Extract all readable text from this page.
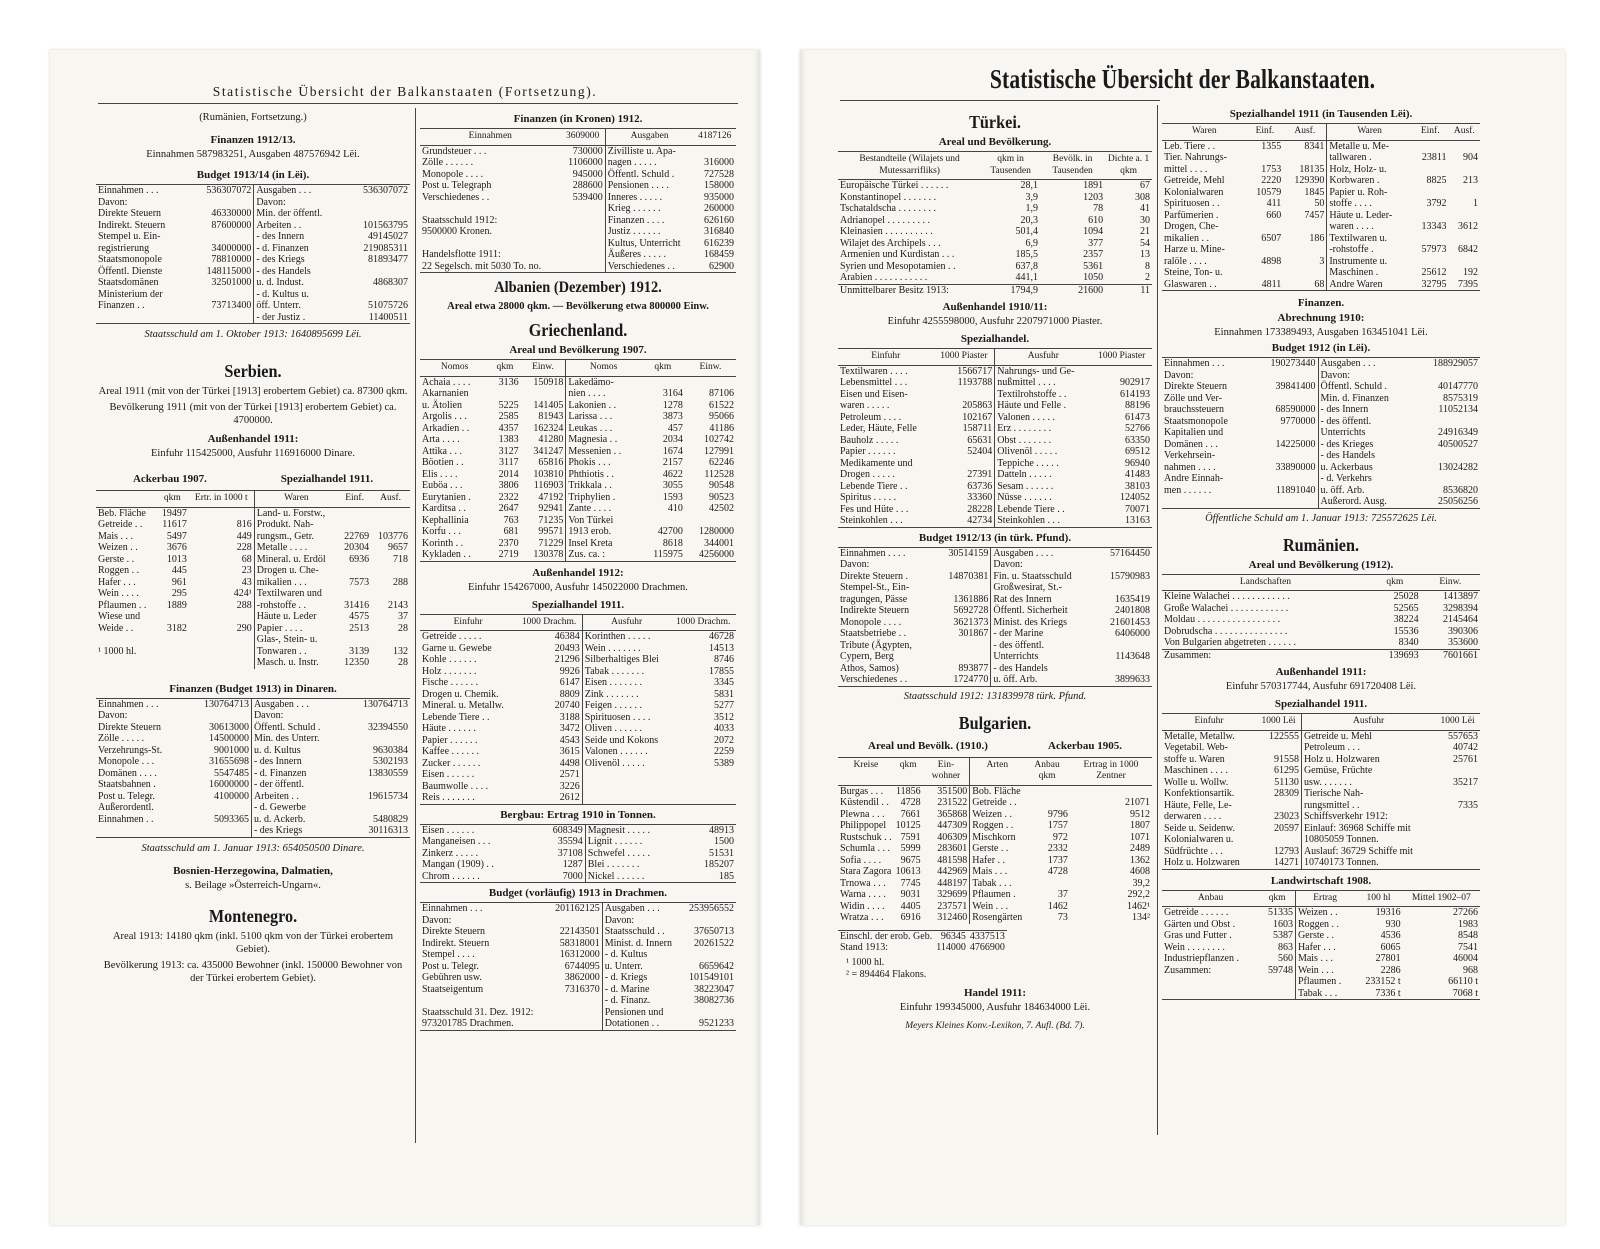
Statistische Übersicht der Balkanstaaten (Fortsetzung).
(Rumänien, Fortsetzung.)
Finanzen 1912/13.
Einnahmen 587983251, Ausgaben 487576942 Lëi.
Budget 1913/14 (in Lëi).
Einnahmen . . .	536307072	Ausgaben . . .	536307072
Davon:		Davon:	
Direkte Steuern	46330000	Min. der öffentl.	
Indirekt. Steuern	87600000	Arbeiten . .	101563795
Stempel u. Ein-		- des Innern	49145027
registrierung	34000000	- d. Finanzen	219085311
Staatsmonopole	78810000	- des Kriegs	81893477
Öffentl. Dienste	148115000	- des Handels	
Staatsdomänen	32501000	u. d. Indust.	4868307
Ministerium der		- d. Kultus u.	
Finanzen . .	73713400	öff. Unterr.	51075726
		- der Justiz .	11400511
Staatsschuld am 1. Oktober 1913: 1640895699 Lëi.
Serbien.
Areal 1911 (mit von der Türkei [1913] erobertem Gebiet) ca. 87300 qkm.
Bevölkerung 1911 (mit von der Türkei [1913] erobertem Gebiet) ca. 4700000.
Außenhandel 1911:
Einfuhr 115425000, Ausfuhr 116916000 Dinare.
Ackerbau 1907.	Spezialhandel 1911.
	qkm	Ertr. in 1000 t	Waren	Einf.	Ausf.
Beb. Fläche	19497		Land- u. Forstw.,		
Getreide . .	11617	816	Produkt. Nah-		
Mais . . .	5497	449	rungsm., Getr.	22769	103776
Weizen . .	3676	228	Metalle . . . .	20304	9657
Gerste . .	1013	68	Mineral. u. Erdöl	6936	718
Roggen . .	445	23	Drogen u. Che-		
Hafer . . .	961	43	mikalien . . .	7573	288
Wein . . . .	295	424¹	Textilwaren und		
Pflaumen . .	1889	288	-rohstoffe . .	31416	2143
Wiese und			Häute u. Leder	4575	37
Weide . .	3182	290	Papier . . . .	2513	28
			Glas-, Stein- u.		
¹ 1000 hl.			Tonwaren . .	3139	132
			Masch. u. Instr.	12350	28
Finanzen (Budget 1913) in Dinaren.
Einnahmen . . .	130764713	Ausgaben . . .	130764713
Davon:		Davon:	
Direkte Steuern	30613000	Öffentl. Schuld .	32394550
Zölle . . . . .	14500000	Min. des Unterr.	
Verzehrungs-St.	9001000	u. d. Kultus	9630384
Monopole . . .	31655698	- des Innern	5302193
Domänen . . . .	5547485	- d. Finanzen	13830559
Staatsbahnen .	16000000	- der öffentl.	
Post u. Telegr.	4100000	Arbeiten . .	19615734
Außerordentl.		- d. Gewerbe	
Einnahmen . .	5093365	u. d. Ackerb.	5480829
		- des Kriegs	30116313
Staatsschuld am 1. Januar 1913: 654050500 Dinare.
Bosnien-Herzegowina, Dalmatien,
s. Beilage »Österreich-Ungarn«.
Montenegro.
Areal 1913: 14180 qkm (inkl. 5100 qkm von der Türkei erobertem Gebiet).
Bevölkerung 1913: ca. 435000 Bewohner (inkl. 150000 Bewohner von der Türkei erobertem Gebiet).
Finanzen (in Kronen) 1912.
Einnahmen	3609000	Ausgaben	4187126
Grundsteuer . . .	730000	Zivilliste u. Apa-	
Zölle . . . . . .	1106000	nagen . . . . .	316000
Monopole . . . .	945000	Öffentl. Schuld .	727528
Post u. Telegraph	288600	Pensionen . . . .	158000
Verschiedenes . .	539400	Inneres . . . . .	935000
		Krieg . . . . . .	260000
Staatsschuld 1912:		Finanzen . . . .	626160
9500000 Kronen.		Justiz . . . . . .	316840
		Kultus, Unterricht	616239
Handelsflotte 1911:		Äußeres . . . . .	168459
22 Segelsch. mit 5030 To. no.		Verschiedenes . .	62900
Albanien (Dezember) 1912.
Areal etwa 28000 qkm. — Bevölkerung etwa 800000 Einw.
Griechenland.
Areal und Bevölkerung 1907.
Nomos	qkm	Einw.	Nomos	qkm	Einw.
Achaia . . . .	3136	150918	Lakedämo-		
Akarnanien			nien . . . .	3164	87106
u. Ätolien	5225	141405	Lakonien . .	1278	61522
Argolis . . .	2585	81943	Larissa . . .	3873	95066
Arkadien . .	4357	162324	Leukas . . .	457	41186
Arta . . . .	1383	41280	Magnesia . .	2034	102742
Attika . . .	3127	341247	Messenien . .	1674	127991
Böotien . .	3117	65816	Phokis . . .	2157	62246
Elis . . . .	2014	103810	Phthiotis . .	4622	112528
Euböa . . .	3806	116903	Trikkala . .	3055	90548
Eurytanien .	2322	47192	Triphylien .	1593	90523
Karditsa . .	2647	92941	Zante . . . .	410	42502
Kephallinia	763	71235	Von Türkei		
Korfu . . .	681	99571	1913 erob.	42700	1280000
Korinth . .	2370	71229	Insel Kreta	8618	344001
Kykladen . .	2719	130378	Zus. ca. :	115975	4256000
Außenhandel 1912:
Einfuhr 154267000, Ausfuhr 145022000 Drachmen.
Spezialhandel 1911.
Einfuhr	1000 Drachm.	Ausfuhr	1000 Drachm.
Getreide . . . . .	46384	Korinthen . . . . .	46728
Garne u. Gewebe	20493	Wein . . . . . . .	14513
Kohle . . . . . .	21296	Silberhaltiges Blei	8746
Holz . . . . . . .	9926	Tabak . . . . . . .	17855
Fische . . . . . .	6147	Eisen . . . . . . .	3345
Drogen u. Chemik.	8809	Zink . . . . . . .	5831
Mineral. u. Metallw.	20740	Feigen . . . . . .	5277
Lebende Tiere . .	3188	Spirituosen . . . .	3512
Häute . . . . . .	3472	Oliven . . . . . .	4033
Papier . . . . . .	4543	Seide und Kokons	2072
Kaffee . . . . . .	3615	Valonen . . . . . .	2259
Zucker . . . . . .	4498	Olivenöl . . . . .	5389
Eisen . . . . . .	2571		
Baumwolle . . . .	3226		
Reis . . . . . . .	2612		
Bergbau: Ertrag 1910 in Tonnen.
Eisen . . . . . .	608349	Magnesit . . . . .	48913
Manganeisen . . .	35594	Lignit . . . . . .	1500
Zinkerz . . . . .	37108	Schwefel . . . . .	51531
Mangan (1909) . .	1287	Blei . . . . . . .	185207
Chrom . . . . . .	7000	Nickel . . . . . .	185
Budget (vorläufig) 1913 in Drachmen.
Einnahmen . . .	201162125	Ausgaben . . .	253956552
Davon:		Davon:	
Direkte Steuern	22143501	Staatsschuld . .	37650713
Indirekt. Steuern	58318001	Minist. d. Innern	20261522
Stempel . . . .	16312000	- d. Kultus	
Post u. Telegr.	6744095	u. Unterr.	6659642
Gebühren usw.	3862000	- d. Kriegs	101549101
Staatseigentum	7316370	- d. Marine	38223047
		- d. Finanz.	38082736
Staatsschuld 31. Dez. 1912:		Pensionen und	
973201785 Drachmen.		Dotationen . .	9521233
Statistische Übersicht der Balkanstaaten.
Türkei.
Areal und Bevölkerung.
Bestandteile (Wilajets und Mutessarrifliks)	qkm in Tausenden	Bevölk. in Tausenden	Dichte a. 1 qkm
Europäische Türkei . . . . . .	28,1	1891	67
Konstantinopel . . . . . . .	3,9	1203	308
Tschataldscha . . . . . . . .	1,9	78	41
Adrianopel . . . . . . . . .	20,3	610	30
Kleinasien . . . . . . . . . .	501,4	1094	21
Wilajet des Archipels . . .	6,9	377	54
Armenien und Kurdistan . . .	185,5	2357	13
Syrien und Mesopotamien . .	637,8	5361	8
Arabien . . . . . . . . . . .	441,1	1050	2
Unmittelbarer Besitz 1913:	1794,9	21600	11
Außenhandel 1910/11:
Einfuhr 4255598000, Ausfuhr 2207971000 Piaster.
Spezialhandel.
Einfuhr	1000 Piaster	Ausfuhr	1000 Piaster
Textilwaren . . . .	1566717	Nahrungs- und Ge-	
Lebensmittel . . .	1193788	nußmittel . . . .	902917
Eisen und Eisen-		Textilrohstoffe . .	614193
waren . . . . .	205863	Häute und Felle .	88196
Petroleum . . . .	102167	Valonen . . . . .	61473
Leder, Häute, Felle	158711	Erz . . . . . . . .	52766
Bauholz . . . . .	65631	Obst . . . . . . .	63350
Papier . . . . . .	52404	Olivenöl . . . . .	69512
Medikamente und		Teppiche . . . . .	96940
Drogen . . . . .	27391	Datteln . . . . .	41483
Lebende Tiere . .	63736	Sesam . . . . . .	38103
Spiritus . . . . .	33360	Nüsse . . . . . .	124052
Fes und Hüte . . .	28228	Lebende Tiere . .	70071
Steinkohlen . . .	42734	Steinkohlen . . .	13163
Budget 1912/13 (in türk. Pfund).
Einnahmen . . . .	30514159	Ausgaben . . . .	57164450
Davon:		Davon:	
Direkte Steuern .	14870381	Fin. u. Staatsschuld	15790983
Stempel-St., Ein-		Großwesirat, St.-	
tragungen, Pässe	1361886	Rat des Innern	1635419
Indirekte Steuern	5692728	Öffentl. Sicherheit	2401808
Monopole . . . .	3621373	Minist. des Kriegs	21601453
Staatsbetriebe . .	301867	- der Marine	6406000
Tribute (Ägypten,		- des öffentl.	
Cypern, Berg		Unterrichts	1143648
Athos, Samos)	893877	- des Handels	
Verschiedenes . .	1724770	u. öff. Arb.	3899633
Staatsschuld 1912: 131839978 türk. Pfund.
Bulgarien.
Areal und Bevölk. (1910.)	Ackerbau 1905.
Kreise	qkm	Ein-wohner	Arten	Anbau qkm	Ertrag in 1000 Zentner
Burgas . . .	11856	351500	Bob. Fläche		
Küstendil . .	4728	231522	Getreide . .		21071
Plewna . . .	7661	365868	Weizen . .	9796	9512
Philippopel	10125	447309	Roggen . .	1757	1807
Rustschuk . .	7591	406309	Mischkorn	972	1071
Schumla . . .	5999	283601	Gerste . .	2332	2489
Sofia . . . .	9675	481598	Hafer . .	1737	1362
Stara Zagora	10613	442969	Mais . . .	4728	4608
Trnowa . . .	7745	448197	Tabak . . .		39,2
Warna . . . .	9031	329699	Pflaumen .	37	292,2
Widin . . . .	4405	237571	Wein . . .	1462	1462¹
Wratza . . .	6916	312460	Rosengärten	73	134²
Einschl. der erob. Geb.	96345	4337513
Stand 1913:	114000	4766900
¹ 1000 hl.
² = 894464 Flakons.
Handel 1911:
Einfuhr 199345000, Ausfuhr 184634000 Lëi.
Meyers Kleines Konv.-Lexikon, 7. Aufl. (Bd. 7).
Spezialhandel 1911 (in Tausenden Lëi).
Waren	Einf.	Ausf.	Waren	Einf.	Ausf.
Leb. Tiere . .	1355	8341	Metalle u. Me-		
Tier. Nahrungs-			tallwaren .	23811	904
mittel . . . .	1753	18135	Holz, Holz- u.		
Getreide, Mehl	2220	129390	Korbwaren .	8825	213
Kolonialwaren	10579	1845	Papier u. Roh-		
Spirituosen . .	411	50	stoffe . . . .	3792	1
Parfümerien .	660	7457	Häute u. Leder-		
Drogen, Che-			waren . . . .	13343	3612
mikalien . .	6507	186	Textilwaren u.		
Harze u. Mine-			-rohstoffe .	57973	6842
ralöle . . . .	4898	3	Instrumente u.		
Steine, Ton- u.			Maschinen .	25612	192
Glaswaren . .	4811	68	Andre Waren	32795	7395
Finanzen.
Abrechnung 1910:
Einnahmen 173389493, Ausgaben 163451041 Lëi.
Budget 1912 (in Lëi).
Einnahmen . . .	190273440	Ausgaben . . .	188929057
Davon:		Davon:	
Direkte Steuern	39841400	Öffentl. Schuld .	40147770
Zölle und Ver-		Min. d. Finanzen	8575319
brauchssteuern	68590000	- des Innern	11052134
Staatsmonopole	9770000	- des öffentl.	
Kapitalien und		Unterrichts	24916349
Domänen . . .	14225000	- des Krieges	40500527
Verkehrsein-		- des Handels	
nahmen . . . .	33890000	u. Ackerbaus	13024282
Andre Einnah-		- d. Verkehrs	
men . . . . . .	11891040	u. öff. Arb.	8536820
		Außerord. Ausg.	25056256
Öffentliche Schuld am 1. Januar 1913: 725572625 Lëi.
Rumänien.
Areal und Bevölkerung (1912).
Landschaften	qkm	Einw.
Kleine Walachei . . . . . . . . . . . .	25028	1413897
Große Walachei . . . . . . . . . . . .	52565	3298394
Moldau . . . . . . . . . . . . . . . . .	38224	2145464
Dobrudscha . . . . . . . . . . . . . . .	15536	390306
Von Bulgarien abgetreten . . . . . .	8340	353600
Zusammen:	139693	7601661
Außenhandel 1911:
Einfuhr 570317744, Ausfuhr 691720408 Lëi.
Spezialhandel 1911.
Einfuhr	1000 Lëi	Ausfuhr	1000 Lëi
Metalle, Metallw.	122555	Getreide u. Mehl	557653
Vegetabil. Web-		Petroleum . . .	40742
stoffe u. Waren	91558	Holz u. Holzwaren	25761
Maschinen . . . .	61295	Gemüse, Früchte	
Wolle u. Wollw.	51130	usw. . . . . . .	35217
Konfektionsartik.	28309	Tierische Nah-	
Häute, Felle, Le-		rungsmittel . .	7335
derwaren . . . .	23023	Schiffsverkehr 1912:	
Seide u. Seidenw.	20597	Einlauf: 36968 Schiffe mit	
Kolonialwaren u.		10805059 Tonnen.	
Südfrüchte . . .	12793	Auslauf: 36729 Schiffe mit	
Holz u. Holzwaren	14271	10740173 Tonnen.	
Landwirtschaft 1908.
Anbau	qkm	Ertrag	100 hl	Mittel 1902–07
Getreide . . . . . .	51335	Weizen . .	19316	27266
Gärten und Obst .	1603	Roggen . .	930	1983
Gras und Futter .	5387	Gerste . .	4536	8548
Wein . . . . . . . .	863	Hafer . . .	6065	7541
Industriepflanzen .	560	Mais . . .	27801	46004
Zusammen:	59748	Wein . . .	2286	968
		Pflaumen .	233152 t	66110 t
		Tabak . . .	7336 t	7068 t
